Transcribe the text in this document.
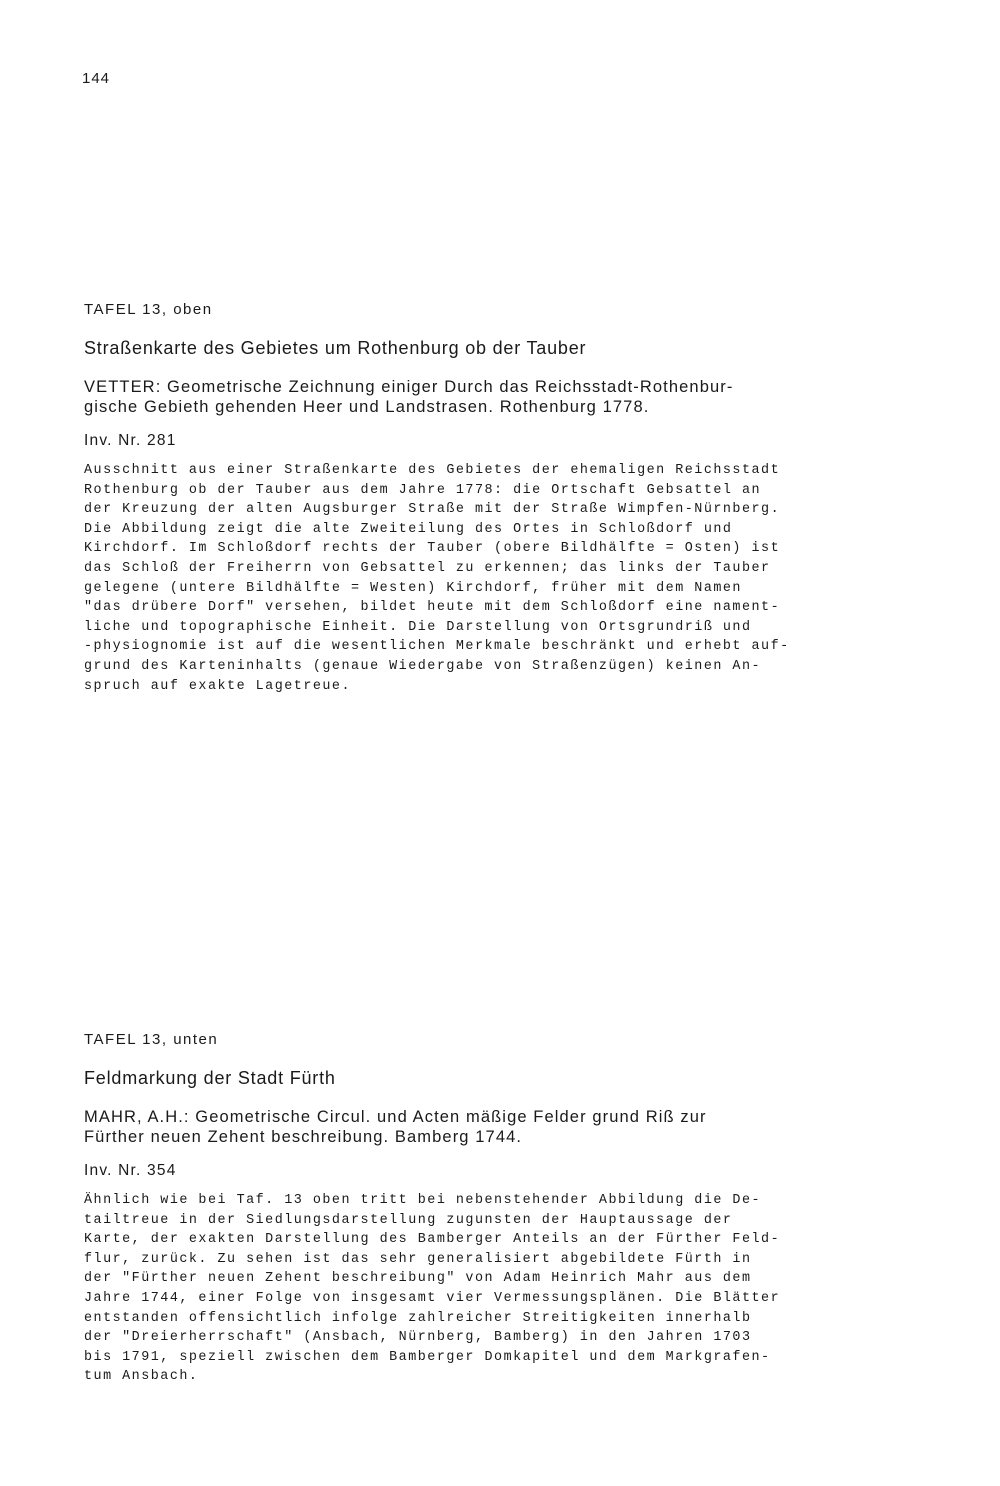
144
TAFEL 13, oben
Straßenkarte des Gebietes um Rothenburg ob der Tauber
VETTER: Geometrische Zeichnung einiger Durch das Reichsstadt-Rothenbur-
gische Gebieth gehenden Heer und Landstrasen. Rothenburg 1778.
Inv. Nr. 281
Ausschnitt aus einer Straßenkarte des Gebietes der ehemaligen Reichsstadt
Rothenburg ob der Tauber aus dem Jahre 1778: die Ortschaft Gebsattel an
der Kreuzung der alten Augsburger Straße mit der Straße Wimpfen-Nürnberg.
Die Abbildung zeigt die alte Zweiteilung des Ortes in Schloßdorf und
Kirchdorf. Im Schloßdorf rechts der Tauber (obere Bildhälfte = Osten) ist
das Schloß der Freiherrn von Gebsattel zu erkennen; das links der Tauber
gelegene (untere Bildhälfte = Westen) Kirchdorf, früher mit dem Namen
"das drübere Dorf" versehen, bildet heute mit dem Schloßdorf eine nament-
liche und topographische Einheit. Die Darstellung von Ortsgrundriß und
-physiognomie ist auf die wesentlichen Merkmale beschränkt und erhebt auf-
grund des Karteninhalts (genaue Wiedergabe von Straßenzügen) keinen An-
spruch auf exakte Lagetreue.
TAFEL 13, unten
Feldmarkung der Stadt Fürth
MAHR, A.H.: Geometrische Circul. und Acten mäßige Felder grund Riß zur
Fürther neuen Zehent beschreibung. Bamberg 1744.
Inv. Nr. 354
Ähnlich wie bei Taf. 13 oben tritt bei nebenstehender Abbildung die De-
tailtreue in der Siedlungsdarstellung zugunsten der Hauptaussage der
Karte, der exakten Darstellung des Bamberger Anteils an der Fürther Feld-
flur, zurück. Zu sehen ist das sehr generalisiert abgebildete Fürth in
der "Fürther neuen Zehent beschreibung" von Adam Heinrich Mahr aus dem
Jahre 1744, einer Folge von insgesamt vier Vermessungsplänen. Die Blätter
entstanden offensichtlich infolge zahlreicher Streitigkeiten innerhalb
der "Dreierherrschaft" (Ansbach, Nürnberg, Bamberg) in den Jahren 1703
bis 1791, speziell zwischen dem Bamberger Domkapitel und dem Markgrafen-
tum Ansbach.
